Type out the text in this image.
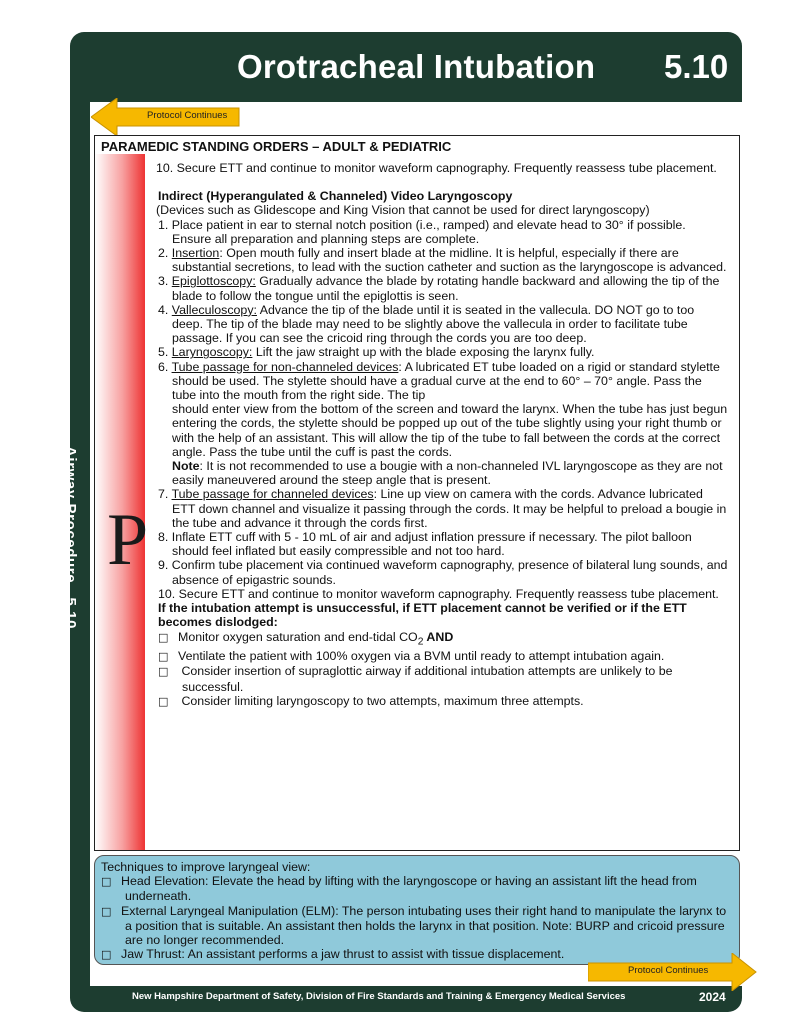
Orotracheal Intubation 5.10
Airway Procedure   5.10
Protocol Continues
P
PARAMEDIC STANDING ORDERS – ADULT & PEDIATRIC

10. Secure ETT and continue to monitor waveform capnography. Frequently reassess tube placement.

Indirect (Hyperangulated & Channeled) Video Laryngoscopy

(Devices such as Glidescope and King Vision that cannot be used for direct laryngoscopy)

1. Place patient in ear to sternal notch position (i.e., ramped) and elevate head to 30° if possible. Ensure all preparation and planning steps are complete.

2. Insertion: Open mouth fully and insert blade at the midline. It is helpful, especially if there are substantial secretions, to lead with the suction catheter and suction as the laryngoscope is advanced.

3. Epiglottoscopy: Gradually advance the blade by rotating handle backward and allowing the tip of the blade to follow the tongue until the epiglottis is seen.

4. Valleculoscopy: Advance the tip of the blade until it is seated in the vallecula. DO NOT go to too deep. The tip of the blade may need to be slightly above the vallecula in order to facilitate tube passage. If you can see the cricoid ring through the cords you are too deep.

5. Laryngoscopy: Lift the jaw straight up with the blade exposing the larynx fully.

6. Tube passage for non-channeled devices: A lubricated ET tube loaded on a rigid or standard stylette should be used. The stylette should have a gradual curve at the end to 60° – 70° angle. Pass the tube into the mouth from the right side. The tip

should enter view from the bottom of the screen and toward the larynx. When the tube has just begun entering the cords, the stylette should be popped up out of the tube slightly using your right thumb or with the help of an assistant. This will allow the tip of the tube to fall between the cords at the correct angle. Pass the tube until the cuff is past the cords.

Note: It is not recommended to use a bougie with a non-channeled IVL laryngoscope as they are not easily maneuvered around the steep angle that is present.

7. Tube passage for channeled devices: Line up view on camera with the cords. Advance lubricated ETT down channel and visualize it passing through the cords. It may be helpful to preload a bougie in the tube and advance it through the cords first.

8. Inflate ETT cuff with 5 - 10 mL of air and adjust inflation pressure if necessary. The pilot balloon should feel inflated but easily compressible and not too hard.

9. Confirm tube placement via continued waveform capnography, presence of bilateral lung sounds, and absence of epigastric sounds.

10. Secure ETT and continue to monitor waveform capnography. Frequently reassess tube placement.

If the intubation attempt is unsuccessful, if ETT placement cannot be verified or if the ETT becomes dislodged:

□ Monitor oxygen saturation and end-tidal $CO_2$ AND

□ Ventilate the patient with 100% oxygen via a BVM until ready to attempt intubation again.

□ Consider insertion of supraglottic airway if additional intubation attempts are unlikely to be successful.

□ Consider limiting laryngoscopy to two attempts, maximum three attempts.

Techniques to improve laryngeal view:

□ Head Elevation: Elevate the head by lifting with the laryngoscope or having an assistant lift the head from underneath.

□ External Laryngeal Manipulation (ELM): The person intubating uses their right hand to manipulate the larynx to a position that is suitable. An assistant then holds the larynx in that position. Note: BURP and cricoid pressure are no longer recommended.

□ Jaw Thrust: An assistant performs a jaw thrust to assist with tissue displacement.

Protocol Continues
New Hampshire Department of Safety, Division of Fire Standards and Training & Emergency Medical Services	2024
